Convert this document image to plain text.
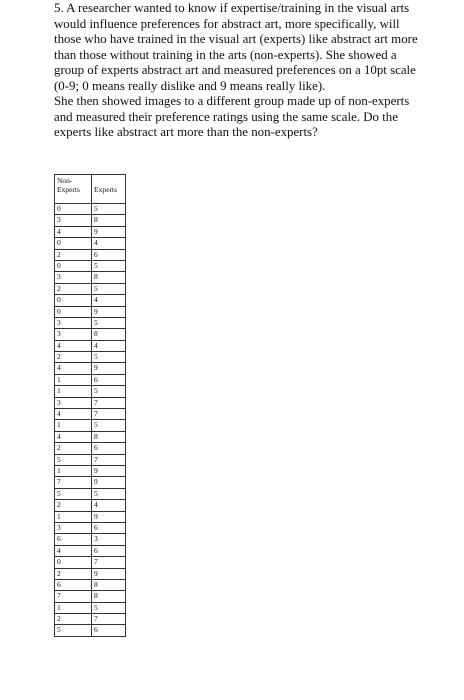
5. A researcher wanted to know if expertise/training in the visual arts would influence preferences for abstract art, more specifically, will those who have trained in the visual art (experts) like abstract art more than those without training in the arts (non-experts). She showed a group of experts abstract art and measured preferences on a 10pt scale (0-9; 0 means really dislike and 9 means really like).

She then showed images to a different group made up of non-experts and measured their preference ratings using the same scale. Do the experts like abstract art more than the non-experts?

Non-Experts	Experts
0	5
3	8
4	9
0	4
2	6
0	5
3	8
2	5
0	4
0	9
3	5
3	8
4	4
2	5
4	9
1	6
1	5
3	7
4	7
1	5
4	8
2	6
5	7
1	9
7	9
5	5
2	4
1	9
3	6
6	3
4	6
0	7
2	9
6	8
7	8
1	5
2	7
5	6
